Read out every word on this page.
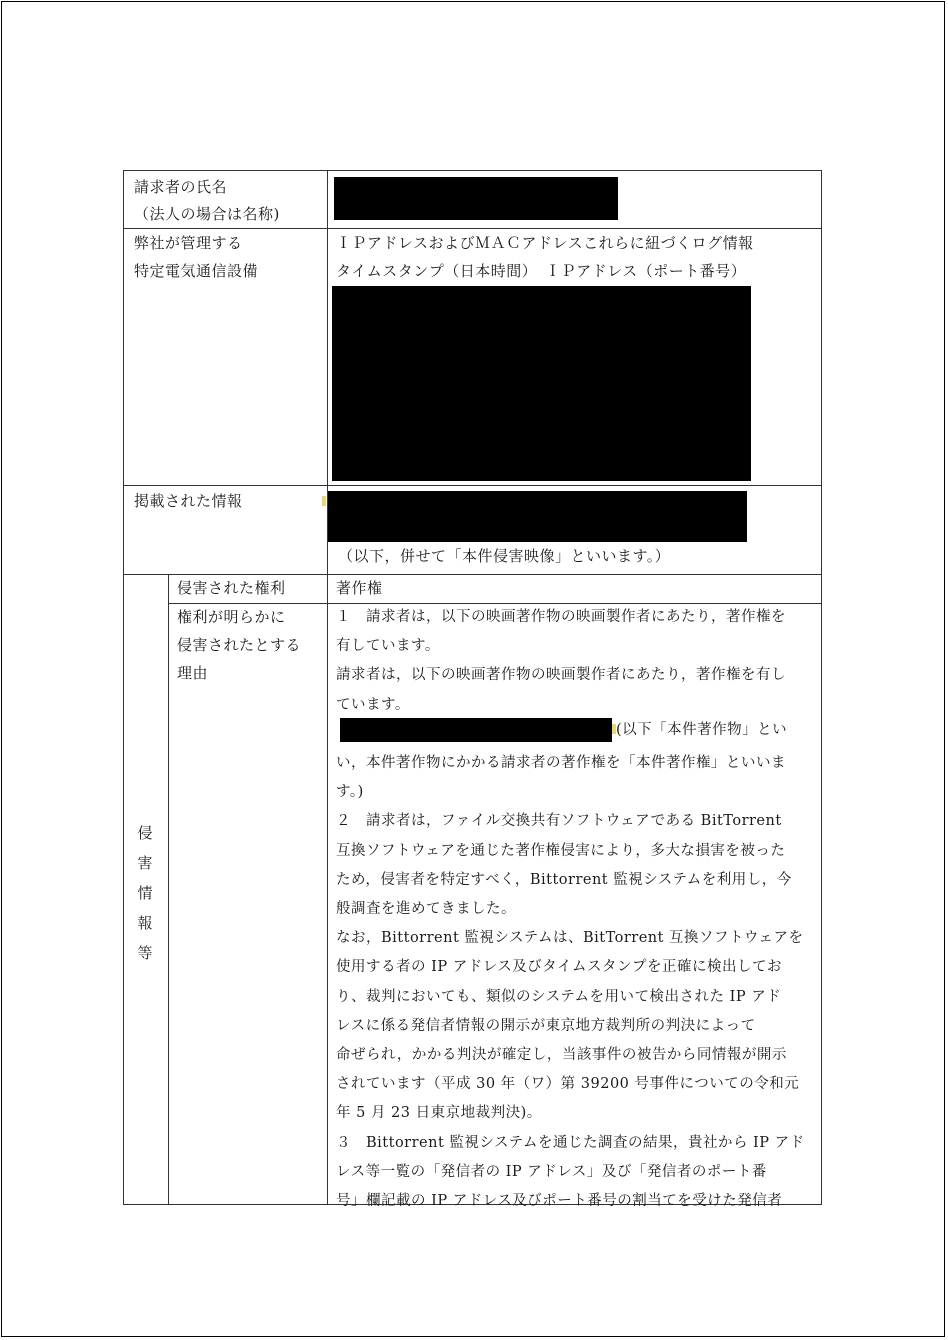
請求者の氏名
（法人の場合は名称)
弊社が管理する
特定電気通信設備
ＩＰアドレスおよびＭＡＣアドレスこれらに紐づくログ情報
タイムスタンプ（日本時間）　ＩＰアドレス（ポート番号）
掲載された情報
（以下，併せて「本件侵害映像」といいます。）
侵
害
情
報
等
侵害された権利	著作権
権利が明らかに
侵害されたとする
理由
１　請求者は，以下の映画著作物の映画製作者にあたり，著作権を
有しています。
請求者は，以下の映画著作物の映画製作者にあたり，著作権を有し
ています。
い，本件著作物にかかる請求者の著作権を「本件著作権」といいま
す。)
２　請求者は，ファイル交換共有ソフトウェアである BitTorrent
互換ソフトウェアを通じた著作権侵害により，多大な損害を被った
ため，侵害者を特定すべく，Bittorrent 監視システムを利用し，今
般調査を進めてきました。
なお，Bittorrent 監視システムは、BitTorrent 互換ソフトウェアを
使用する者の IP アドレス及びタイムスタンプを正確に検出してお
り、裁判においても、類似のシステムを用いて検出された IP アド
レスに係る発信者情報の開示が東京地方裁判所の判決によって
命ぜられ，かかる判決が確定し，当該事件の被告から同情報が開示
されています（平成 30 年（ワ）第 39200 号事件についての令和元
年 5 月 23 日東京地裁判決)。
３　Bittorrent 監視システムを通じた調査の結果，貴社から IP アド
レス等一覧の「発信者の IP アドレス」及び「発信者のポート番
号」欄記載の IP アドレス及びポート番号の割当てを受けた発信者
(以下「本件著作物」とい
